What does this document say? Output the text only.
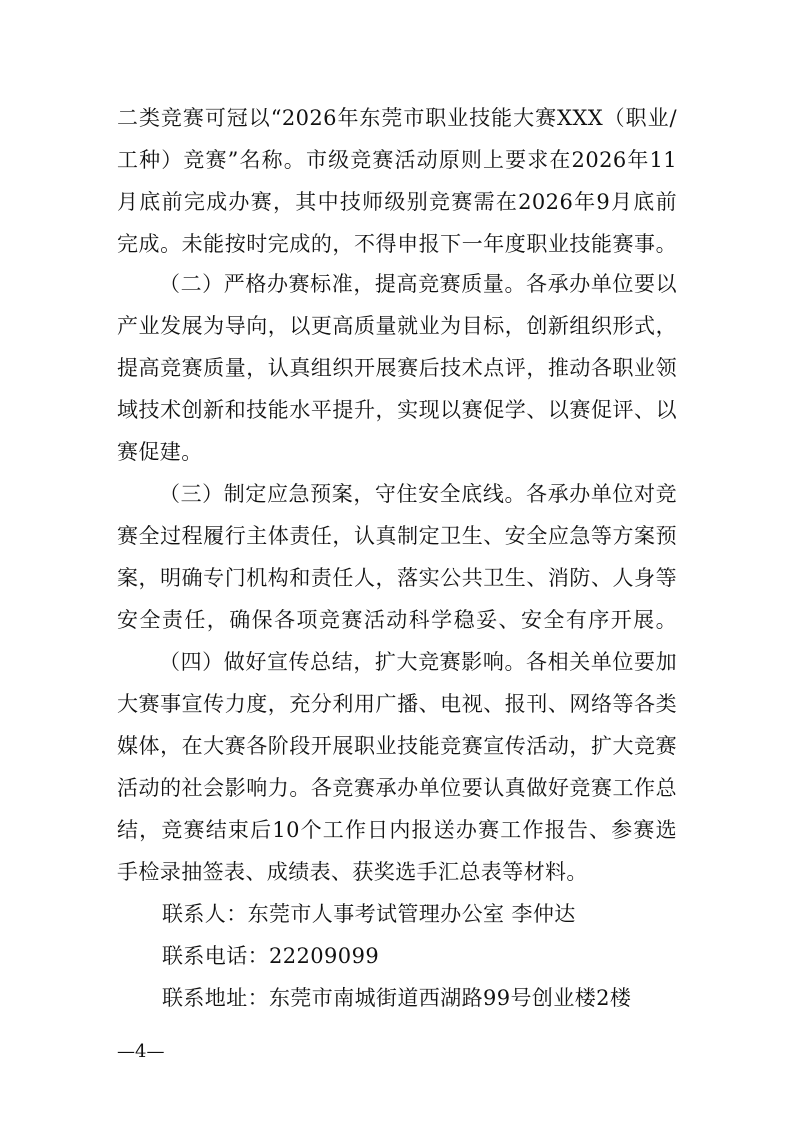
二类竞赛可冠以“2026年东莞市职业技能大赛XXX（职业/
工种）竞赛”名称。市级竞赛活动原则上要求在2026年11
月底前完成办赛，其中技师级别竞赛需在2026年9月底前
完成。未能按时完成的，不得申报下一年度职业技能赛事。
（二）严格办赛标准，提高竞赛质量。各承办单位要以
产业发展为导向，以更高质量就业为目标，创新组织形式，
提高竞赛质量，认真组织开展赛后技术点评，推动各职业领
域技术创新和技能水平提升，实现以赛促学、以赛促评、以
赛促建。
（三）制定应急预案，守住安全底线。各承办单位对竞
赛全过程履行主体责任，认真制定卫生、安全应急等方案预
案，明确专门机构和责任人，落实公共卫生、消防、人身等
安全责任，确保各项竞赛活动科学稳妥、安全有序开展。
（四）做好宣传总结，扩大竞赛影响。各相关单位要加
大赛事宣传力度，充分利用广播、电视、报刊、网络等各类
媒体，在大赛各阶段开展职业技能竞赛宣传活动，扩大竞赛
活动的社会影响力。各竞赛承办单位要认真做好竞赛工作总
结，竞赛结束后10个工作日内报送办赛工作报告、参赛选
手检录抽签表、成绩表、获奖选手汇总表等材料。
联系人：东莞市人事考试管理办公室 李仲达
联系电话：22209099
联系地址：东莞市南城街道西湖路99号创业楼2楼
—4—
